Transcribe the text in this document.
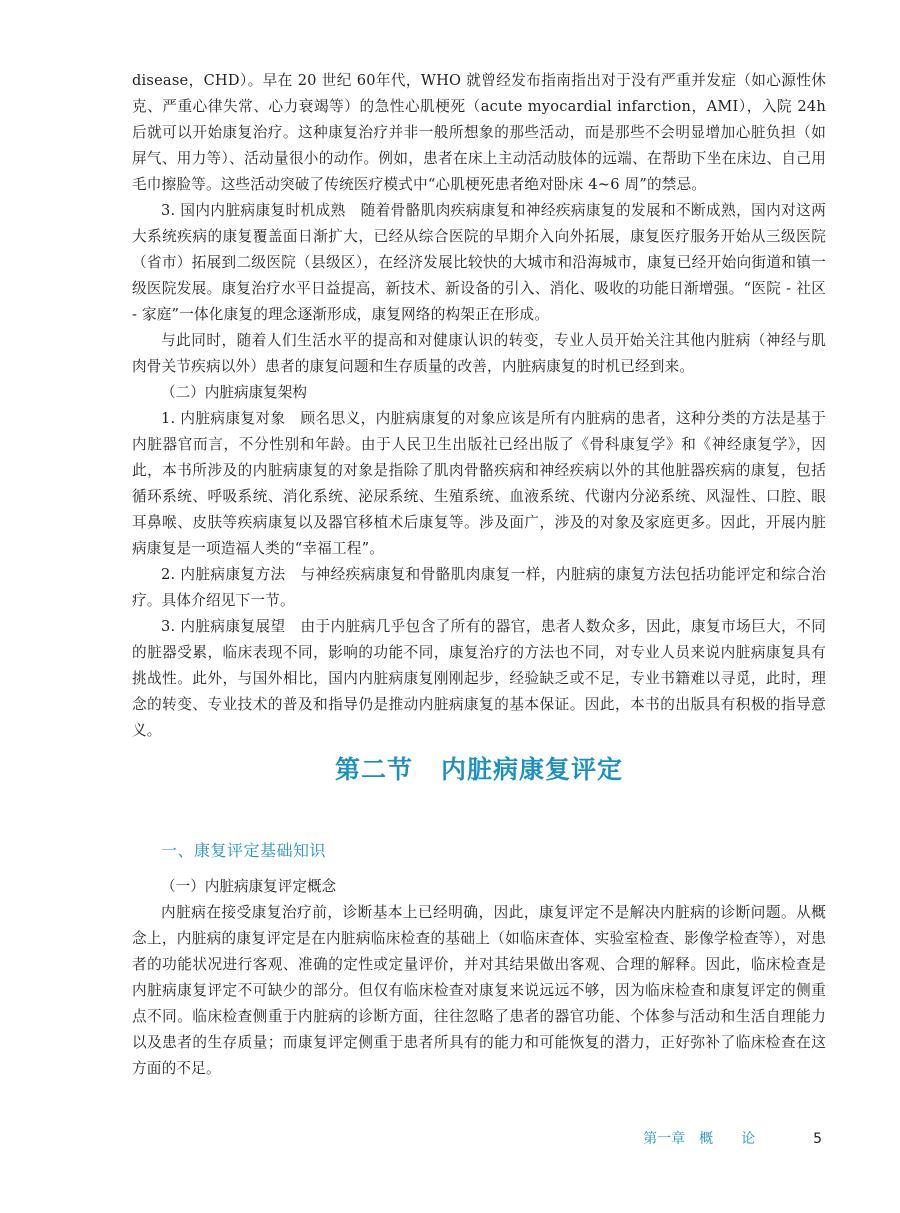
disease，CHD）。早在 20 世纪 60年代，WHO 就曾经发布指南指出对于没有严重并发症（如心源性休克、严重心律失常、心力衰竭等）的急性心肌梗死（acute myocardial infarction，AMI），入院 24h 后就可以开始康复治疗。这种康复治疗并非一般所想象的那些活动，而是那些不会明显增加心脏负担（如屏气、用力等）、活动量很小的动作。例如，患者在床上主动活动肢体的远端、在帮助下坐在床边、自己用毛巾擦脸等。这些活动突破了传统医疗模式中“心肌梗死患者绝对卧床 4~6 周”的禁忌。

3. 国内内脏病康复时机成熟　随着骨骼肌肉疾病康复和神经疾病康复的发展和不断成熟，国内对这两大系统疾病的康复覆盖面日渐扩大，已经从综合医院的早期介入向外拓展，康复医疗服务开始从三级医院（省市）拓展到二级医院（县级区），在经济发展比较快的大城市和沿海城市，康复已经开始向街道和镇一级医院发展。康复治疗水平日益提高，新技术、新设备的引入、消化、吸收的功能日渐增强。“医院 - 社区 - 家庭”一体化康复的理念逐渐形成，康复网络的构架正在形成。

与此同时，随着人们生活水平的提高和对健康认识的转变，专业人员开始关注其他内脏病（神经与肌肉骨关节疾病以外）患者的康复问题和生存质量的改善，内脏病康复的时机已经到来。

（二）内脏病康复架构

1. 内脏病康复对象　顾名思义，内脏病康复的对象应该是所有内脏病的患者，这种分类的方法是基于内脏器官而言，不分性别和年龄。由于人民卫生出版社已经出版了《骨科康复学》和《神经康复学》，因此，本书所涉及的内脏病康复的对象是指除了肌肉骨骼疾病和神经疾病以外的其他脏器疾病的康复，包括循环系统、呼吸系统、消化系统、泌尿系统、生殖系统、血液系统、代谢内分泌系统、风湿性、口腔、眼耳鼻喉、皮肤等疾病康复以及器官移植术后康复等。涉及面广，涉及的对象及家庭更多。因此，开展内脏病康复是一项造福人类的“幸福工程”。

2. 内脏病康复方法　与神经疾病康复和骨骼肌肉康复一样，内脏病的康复方法包括功能评定和综合治疗。具体介绍见下一节。

3. 内脏病康复展望　由于内脏病几乎包含了所有的器官，患者人数众多，因此，康复市场巨大，不同的脏器受累，临床表现不同，影响的功能不同，康复治疗的方法也不同，对专业人员来说内脏病康复具有挑战性。此外，与国外相比，国内内脏病康复刚刚起步，经验缺乏或不足，专业书籍难以寻觅，此时，理念的转变、专业技术的普及和指导仍是推动内脏病康复的基本保证。因此，本书的出版具有积极的指导意义。

第二节 内脏病康复评定
一、康复评定基础知识

（一）内脏病康复评定概念

内脏病在接受康复治疗前，诊断基本上已经明确，因此，康复评定不是解决内脏病的诊断问题。从概念上，内脏病的康复评定是在内脏病临床检查的基础上（如临床查体、实验室检查、影像学检查等），对患者的功能状况进行客观、准确的定性或定量评价，并对其结果做出客观、合理的解释。因此，临床检查是内脏病康复评定不可缺少的部分。但仅有临床检查对康复来说远远不够，因为临床检查和康复评定的侧重点不同。临床检查侧重于内脏病的诊断方面，往往忽略了患者的器官功能、个体参与活动和生活自理能力以及患者的生存质量；而康复评定侧重于患者所具有的能力和可能恢复的潜力，正好弥补了临床检查在这方面的不足。

第一章　概　　论	5
